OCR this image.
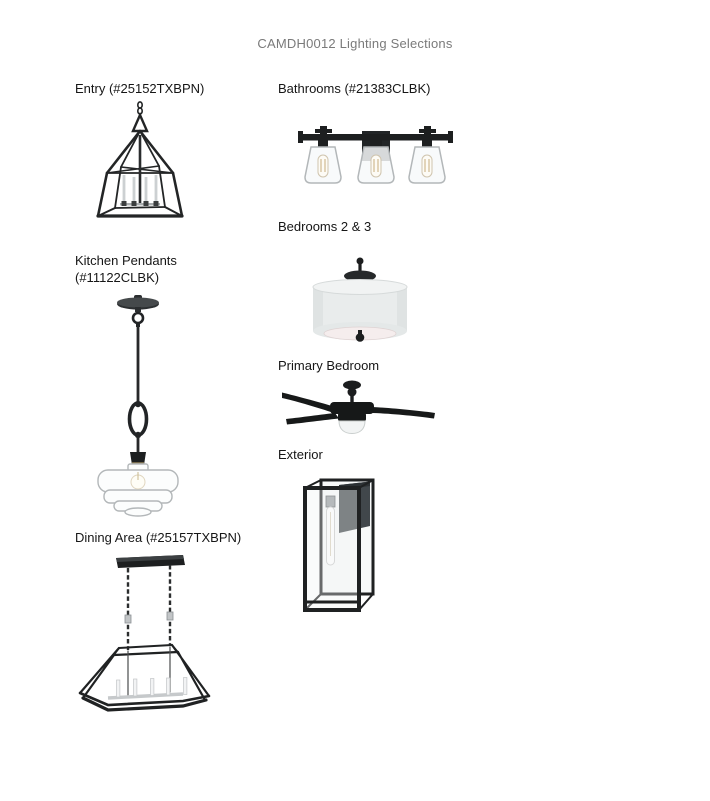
CAMDH0012 Lighting Selections
Entry (#25152TXBPN)
Kitchen Pendants
(#11122CLBK)
Dining Area (#25157TXBPN)
Bathrooms (#21383CLBK)
Bedrooms 2 & 3
Primary Bedroom
Exterior
